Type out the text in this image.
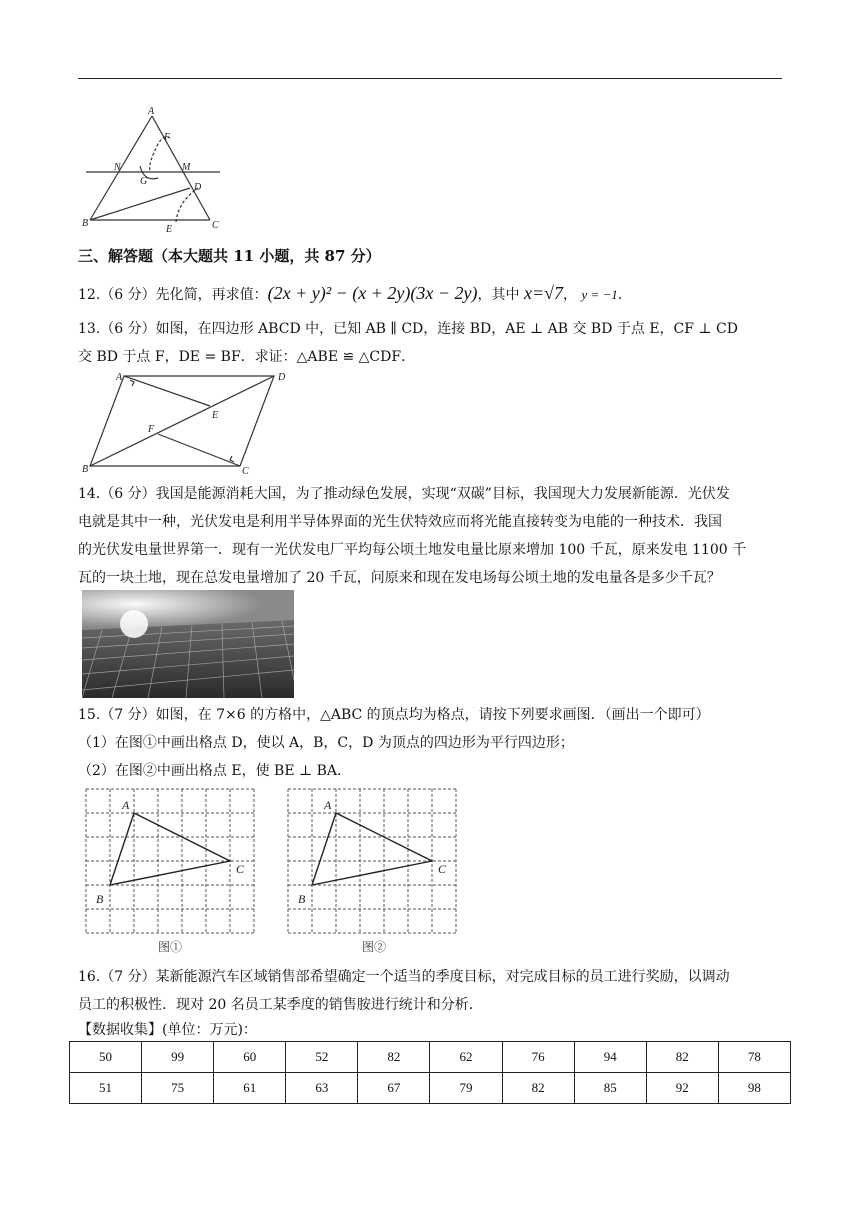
A
F
N	M
G
D
B
E	C
三、解答题（本大题共 11 小题，共 87 分）
12.（6 分）先化简，再求值：(2x + y)² − (x + 2y)(3x − 2y)，其中 x=√7， y = −1.
13.（6 分）如图，在四边形 ABCD 中，已知 AB ∥ CD，连接 BD，AE ⊥ AB 交 BD 于点 E，CF ⊥ CD
交 BD 于点 F，DE = BF．求证：△ABE ≌ △CDF．
A	D
E
F
B	C
14.（6 分）我国是能源消耗大国，为了推动绿色发展，实现“双碳”目标，我国现大力发展新能源．光伏发
电就是其中一种，光伏发电是利用半导体界面的光生伏特效应而将光能直接转变为电能的一种技术．我国
的光伏发电量世界第一．现有一光伏发电厂平均每公顷土地发电量比原来增加 100 千瓦，原来发电 1100 千
瓦的一块土地，现在总发电量增加了 20 千瓦，问原来和现在发电场每公顷土地的发电量各是多少千瓦？
15.（7 分）如图，在 7×6 的方格中，△ABC 的顶点均为格点，请按下列要求画图．（画出一个即可）
（1）在图①中画出格点 D，使以 A，B，C，D 为顶点的四边形为平行四边形；
（2）在图②中画出格点 E，使 BE ⊥ BA．
A
B
C
图①
A
B
C
图②
16.（7 分）某新能源汽车区域销售部希望确定一个适当的季度目标，对完成目标的员工进行奖励，以调动
员工的积极性．现对 20 名员工某季度的销售胺进行统计和分析．
【数据收集】(单位：万元)：
50	99	60	52	82	62	76	94	82	78
51	75	61	63	67	79	82	85	92	98
